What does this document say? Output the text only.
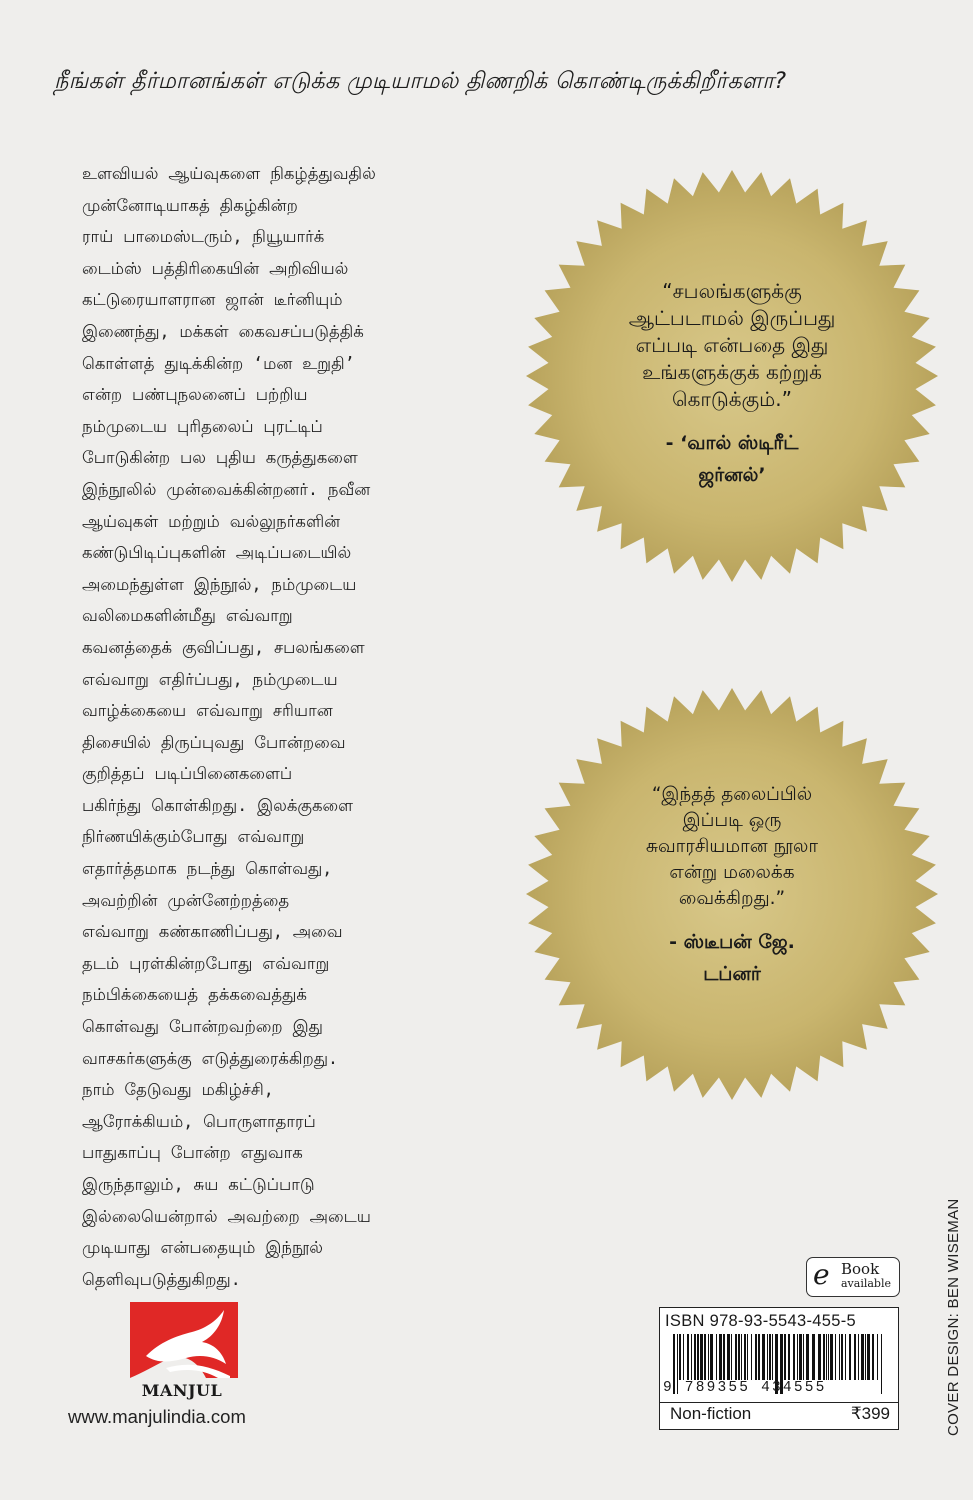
நீங்கள் தீர்மானங்கள் எடுக்க முடியாமல் திணறிக் கொண்டிருக்கிறீர்களா?
உளவியல் ஆய்வுகளை நிகழ்த்துவதில்
முன்னோடியாகத் திகழ்கின்ற
ராய் பாமைஸ்டரும், நியூயார்க்
டைம்ஸ் பத்திரிகையின் அறிவியல்
கட்டுரையாளரான ஜான் டீர்னியும்
இணைந்து, மக்கள் கைவசப்படுத்திக்
கொள்ளத் துடிக்கின்ற ‘மன உறுதி’
என்ற பண்புநலனைப் பற்றிய
நம்முடைய புரிதலைப் புரட்டிப்
போடுகின்ற பல புதிய கருத்துகளை
இந்நூலில் முன்வைக்கின்றனர். நவீன
ஆய்வுகள் மற்றும் வல்லுநர்களின்
கண்டுபிடிப்புகளின் அடிப்படையில்
அமைந்துள்ள இந்நூல், நம்முடைய
வலிமைகளின்மீது எவ்வாறு
கவனத்தைக் குவிப்பது, சபலங்களை
எவ்வாறு எதிர்ப்பது, நம்முடைய
வாழ்க்கையை எவ்வாறு சரியான
திசையில் திருப்புவது போன்றவை
குறித்தப் படிப்பினைகளைப்
பகிர்ந்து கொள்கிறது. இலக்குகளை
நிர்ணயிக்கும்போது எவ்வாறு
எதார்த்தமாக நடந்து கொள்வது,
அவற்றின் முன்னேற்றத்தை
எவ்வாறு கண்காணிப்பது, அவை
தடம் புரள்கின்றபோது எவ்வாறு
நம்பிக்கையைத் தக்கவைத்துக்
கொள்வது போன்றவற்றை இது
வாசகர்களுக்கு எடுத்துரைக்கிறது.
நாம் தேடுவது மகிழ்ச்சி,
ஆரோக்கியம், பொருளாதாரப்
பாதுகாப்பு போன்ற எதுவாக
இருந்தாலும், சுய கட்டுப்பாடு
இல்லையென்றால் அவற்றை அடைய
முடியாது என்பதையும் இந்நூல்
தெளிவுபடுத்துகிறது.
“சபலங்களுக்கு
ஆட்படாமல் இருப்பது
எப்படி என்பதை இது
உங்களுக்குக் கற்றுக்
கொடுக்கும்.”
- ‘வால் ஸ்டிரீட்
ஜர்னல்’
“இந்தத் தலைப்பில்
இப்படி ஒரு
சுவாரசியமான நூலா
என்று மலைக்க
வைக்கிறது.”
- ஸ்டீபன் ஜே.
டப்னர்
MANJUL
www.manjulindia.com
e Book
available
ISBN 978-93-5543-455-5
9 789355 434555
Non-fiction	₹399	COVER DESIGN: BEN WISEMAN
